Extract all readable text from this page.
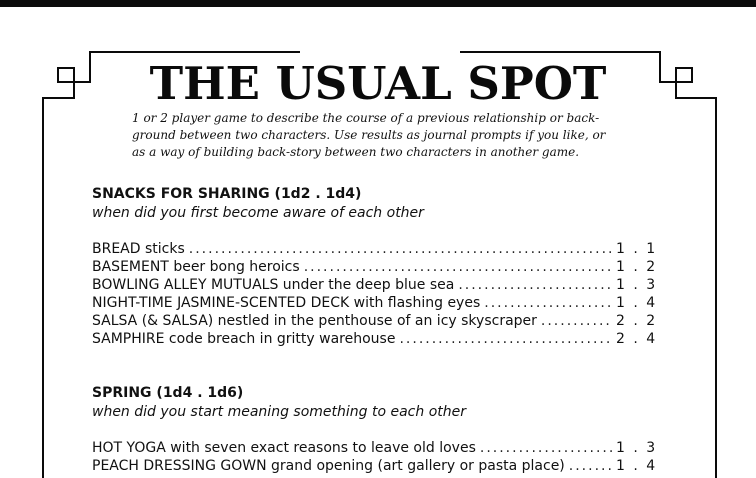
THE USUAL SPOT
1 or 2 player game to describe the course of a previous relationship or back-
ground between two characters. Use results as journal prompts if you like, or
as a way of building back-story between two characters in another game.
SNACKS FOR SHARING (1d2 . 1d4)
when did you first become aware of each other
BREAD sticks .....	1 . 1
BASEMENT beer bong heroics .....	1 . 2
BOWLING ALLEY MUTUALS under the deep blue sea .....	1 . 3
NIGHT-TIME JASMINE-SCENTED DECK with flashing eyes .....	1 . 4
SALSA (& SALSA) nestled in the penthouse of an icy skyscraper .....	2 . 2
SAMPHIRE code breach in gritty warehouse .....	2 . 4
SPRING (1d4 . 1d6)
when did you start meaning something to each other
HOT YOGA with seven exact reasons to leave old loves .....	1 . 3
PEACH DRESSING GOWN grand opening (art gallery or pasta place) .....	1 . 4
